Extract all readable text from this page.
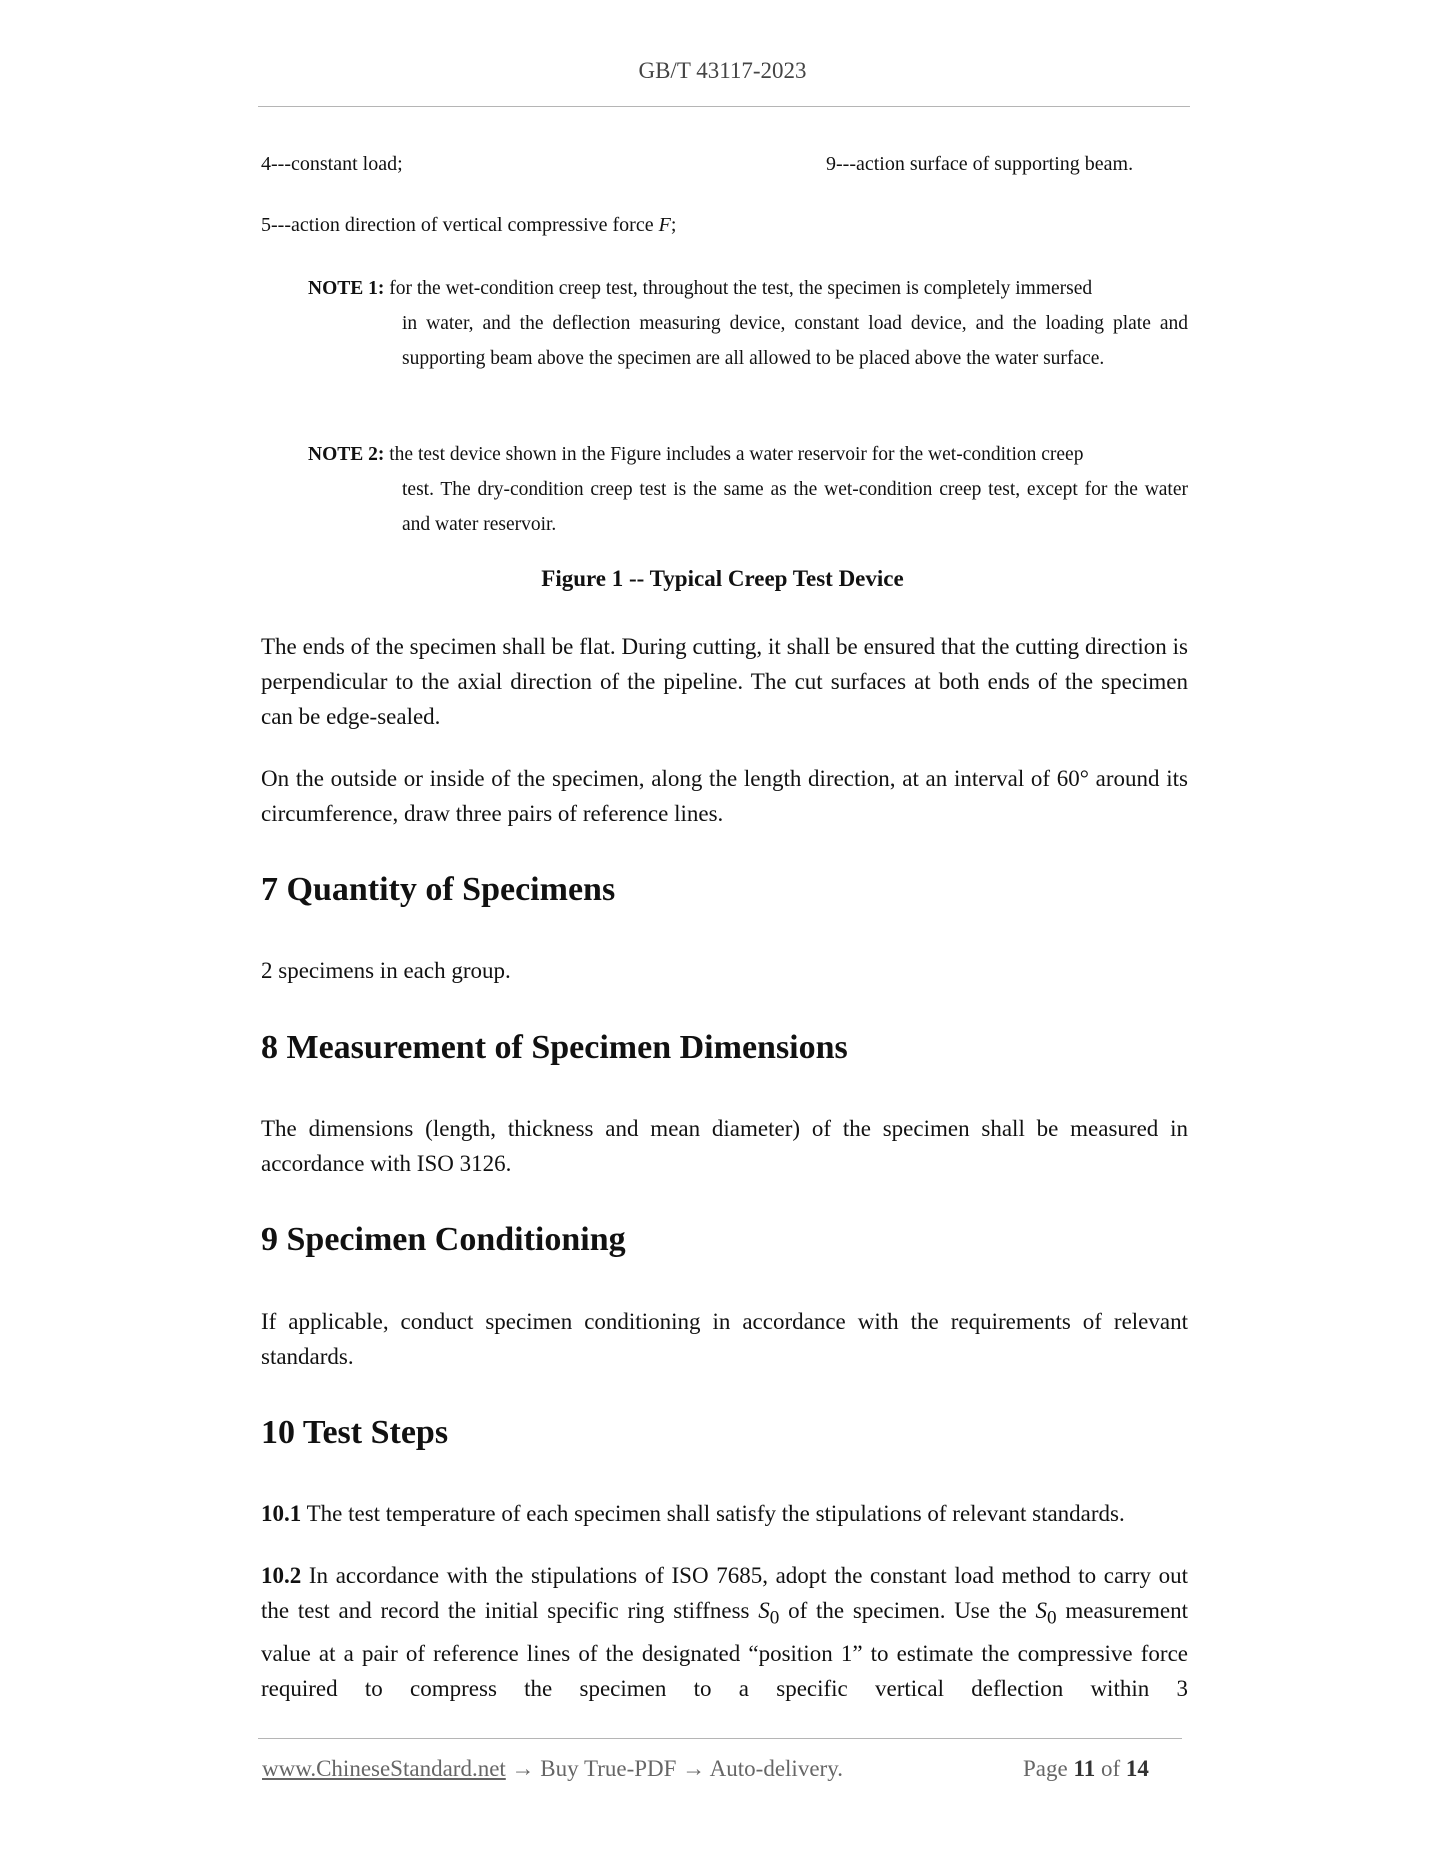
GB/T 43117-2023
4---constant load;	9---action surface of supporting beam.
5---action direction of vertical compressive force F;
NOTE 1: for the wet-condition creep test, throughout the test, the specimen is completely immersed
in water, and the deflection measuring device, constant load device, and the loading plate and supporting beam above the specimen are all allowed to be placed above the water surface.
NOTE 2: the test device shown in the Figure includes a water reservoir for the wet-condition creep
test. The dry-condition creep test is the same as the wet-condition creep test, except for the water and water reservoir.
Figure 1 -- Typical Creep Test Device
The ends of the specimen shall be flat. During cutting, it shall be ensured that the cutting direction is perpendicular to the axial direction of the pipeline. The cut surfaces at both ends of the specimen can be edge-sealed.
On the outside or inside of the specimen, along the length direction, at an interval of 60° around its circumference, draw three pairs of reference lines.
7 Quantity of Specimens
2 specimens in each group.
8 Measurement of Specimen Dimensions
The dimensions (length, thickness and mean diameter) of the specimen shall be measured in accordance with ISO 3126.
9 Specimen Conditioning
If applicable, conduct specimen conditioning in accordance with the requirements of relevant standards.
10 Test Steps
10.1 The test temperature of each specimen shall satisfy the stipulations of relevant standards.
10.2 In accordance with the stipulations of ISO 7685, adopt the constant load method to carry out the test and record the initial specific ring stiffness $S_0$ of the specimen. Use the $S_0$ measurement value at a pair of reference lines of the designated “position 1” to estimate the compressive force required to compress the specimen to a specific vertical deflection within 3
www.ChineseStandard.net → Buy True-PDF → Auto-delivery.	Page 11 of 14
